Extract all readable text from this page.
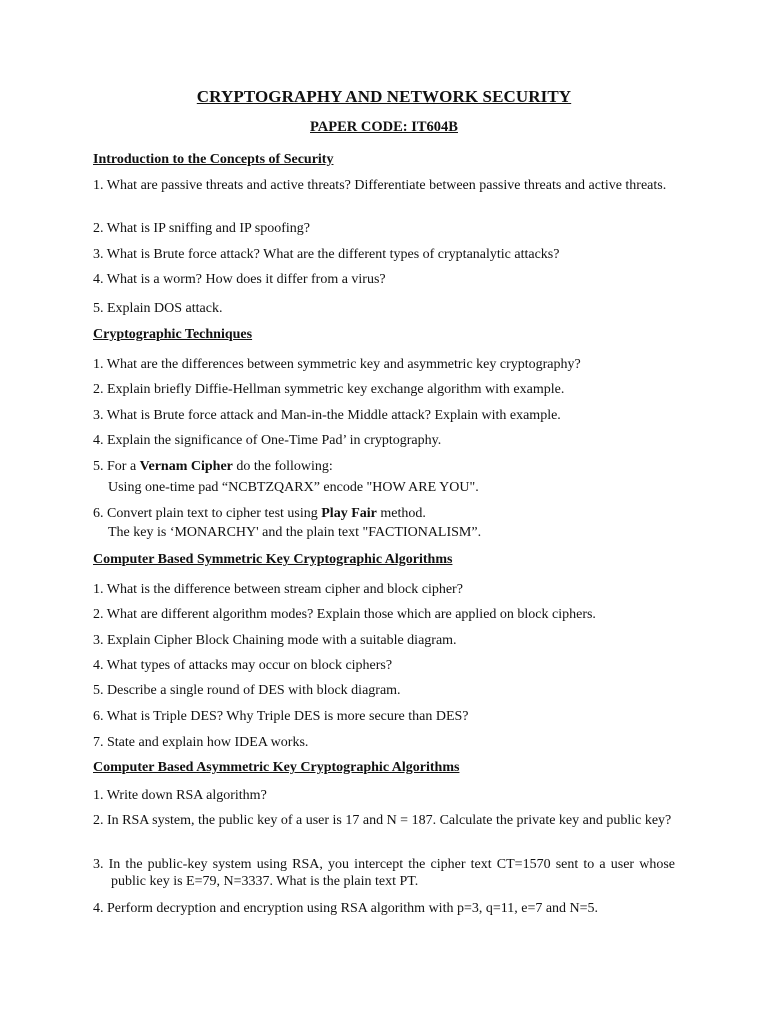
CRYPTOGRAPHY AND NETWORK SECURITY
PAPER CODE: IT604B
Introduction to the Concepts of Security
1. What are passive threats and active threats? Differentiate between passive threats and active threats.
2. What is IP sniffing and IP spoofing?
3. What is Brute force attack? What are the different types of cryptanalytic attacks?
4. What is a worm? How does it differ from a virus?
5. Explain DOS attack.
Cryptographic Techniques
1. What are the differences between symmetric key and asymmetric key cryptography?
2. Explain briefly Diffie-Hellman symmetric key exchange algorithm with example.
3. What is Brute force attack and Man-in-the Middle attack? Explain with example.
4. Explain the significance of One-Time Pad’ in cryptography.
5. For a Vernam Cipher do the following:
Using one-time pad “NCBTZQARX” encode "HOW ARE YOU".
6. Convert plain text to cipher test using Play Fair method.
The key is ‘MONARCHY' and the plain text "FACTIONALISM”.
Computer Based Symmetric Key Cryptographic Algorithms
1. What is the difference between stream cipher and block cipher?
2. What are different algorithm modes? Explain those which are applied on block ciphers.
3. Explain Cipher Block Chaining mode with a suitable diagram.
4. What types of attacks may occur on block ciphers?
5. Describe a single round of DES with block diagram.
6. What is Triple DES? Why Triple DES is more secure than DES?
7. State and explain how IDEA works.
Computer Based Asymmetric Key Cryptographic Algorithms
1. Write down RSA algorithm?
2. In RSA system, the public key of a user is 17 and N = 187. Calculate the private key and public key?
3. In the public-key system using RSA, you intercept the cipher text CT=1570 sent to a user whose public key is E=79, N=3337. What is the plain text PT.
4. Perform decryption and encryption using RSA algorithm with p=3, q=11, e=7 and N=5.
